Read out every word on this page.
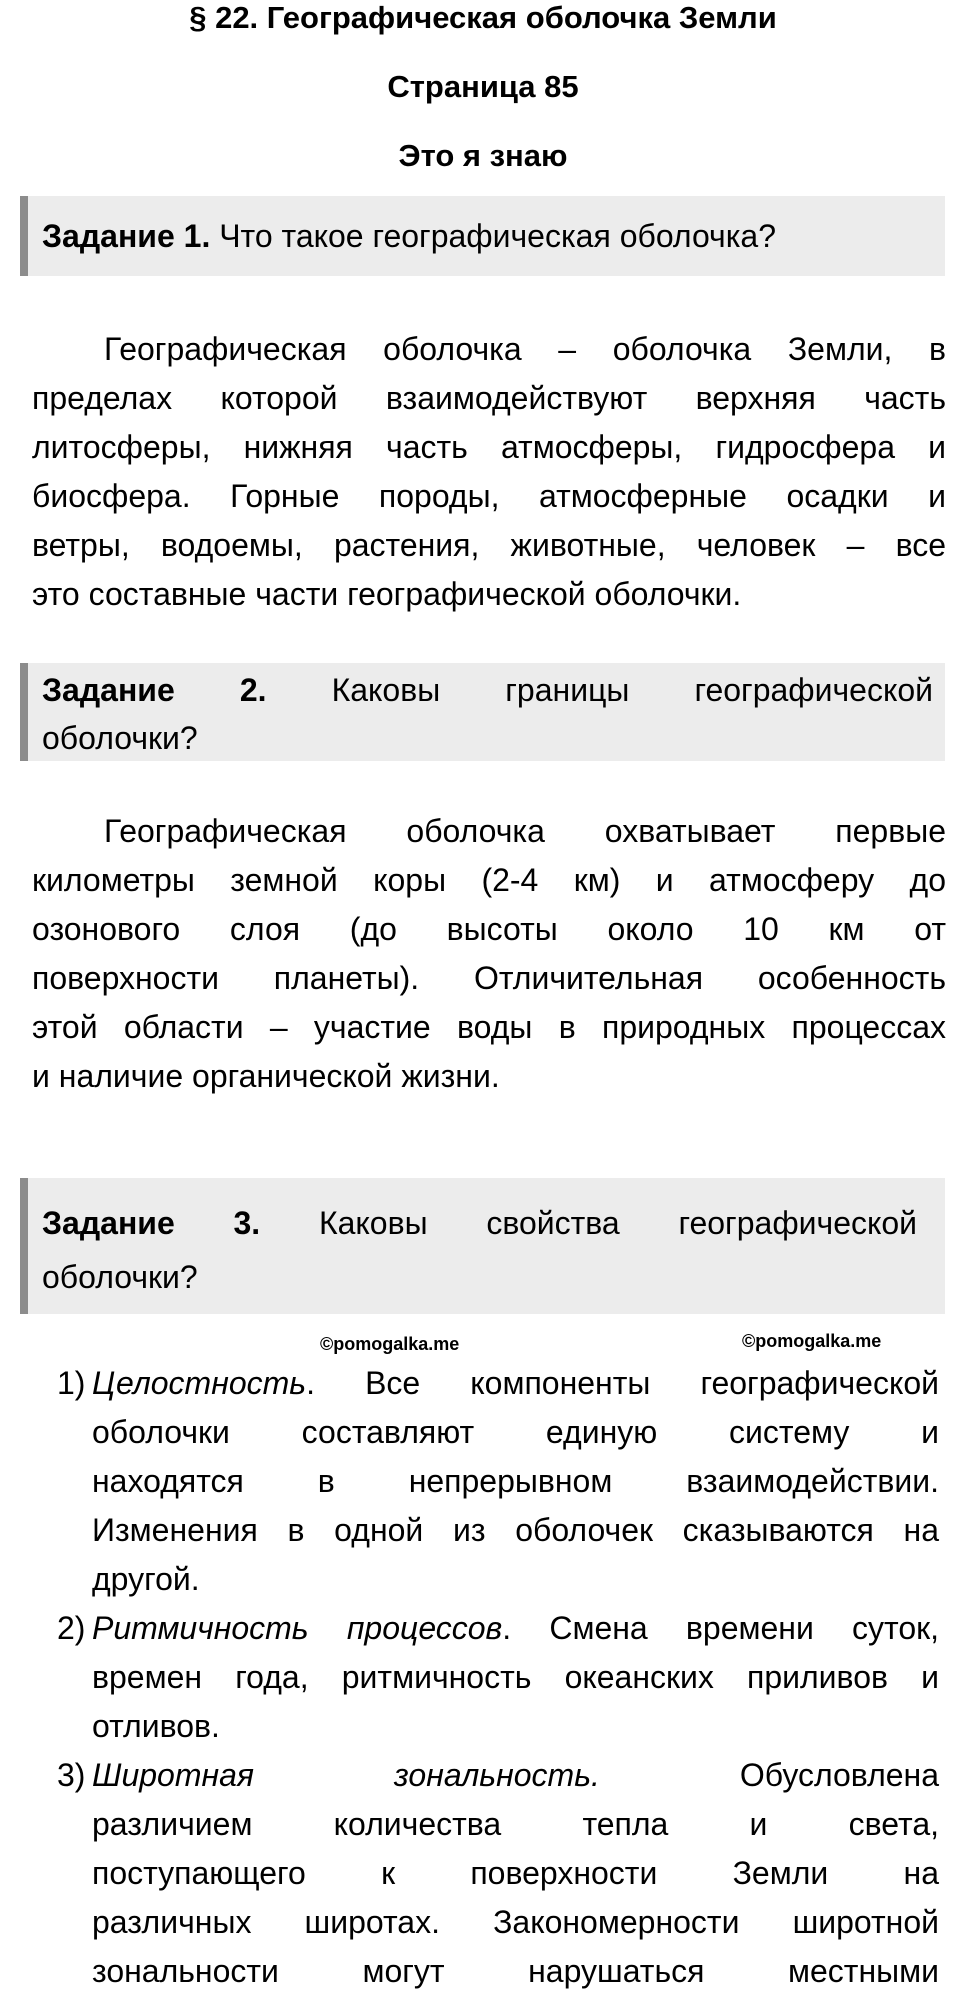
§ 22. Географическая оболочка Земли
Страница 85
Это я знаю
Задание 1. Что такое географическая оболочка?
Географическая оболочка – оболочка Земли, в
пределах которой взаимодействуют верхняя часть
литосферы, нижняя часть атмосферы, гидросфера и
биосфера. Горные породы, атмосферные осадки и
ветры, водоемы, растения, животные, человек – все
это составные части географической оболочки.
Задание 2. Каковы границы географической
оболочки?
Географическая оболочка охватывает первые
километры земной коры (2-4 км) и атмосферу до
озонового слоя (до высоты около 10 км от
поверхности планеты). Отличительная особенность
этой области – участие воды в природных процессах
и наличие органической жизни.
Задание 3. Каковы свойства географической
оболочки?
©pomogalka.me	©pomogalka.me
1) Целостность. Все компоненты географической
оболочки составляют единую систему и
находятся в непрерывном взаимодействии.
Изменения в одной из оболочек сказываются на
другой.
2) Ритмичность процессов. Смена времени суток,
времен года, ритмичность океанских приливов и
отливов.
3) Широтная зональность. Обусловлена
различием количества тепла и света,
поступающего к поверхности Земли на
различных широтах. Закономерности широтной
зональности могут нарушаться местными
